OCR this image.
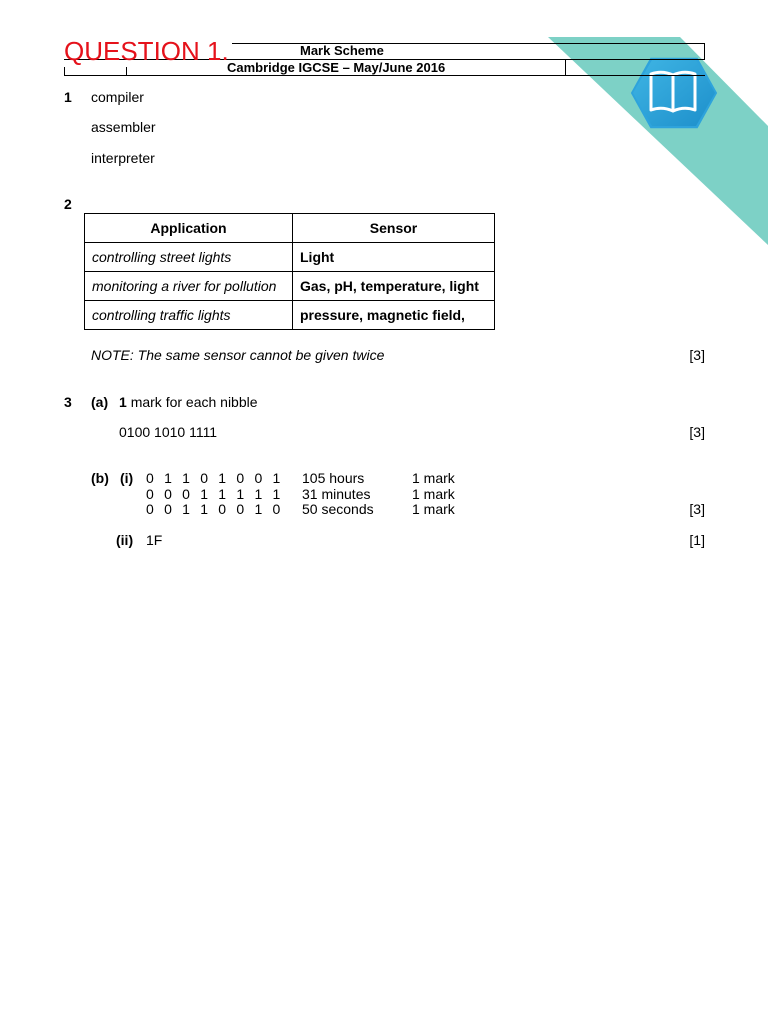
Mark Scheme
Cambridge IGCSE – May/June 2016
QUESTION 1.
1 compiler
assembler
interpreter
2
Application	Sensor
controlling street lights	Light
monitoring a river for pollution	Gas, pH, temperature, light
controlling traffic lights	pressure, magnetic field,
NOTE: The same sensor cannot be given twice	[3]
3 (a) 1 mark for each nibble
0100 1010 1111	[3]
(b) (i) 0 1 1 0 1 0 0 1 105 hours	1 mark
0 0 0 1 1 1 1 1 31 minutes	1 mark
0 0 1 1 0 0 1 0 50 seconds	1 mark	[3]
(ii) 1F	[1]
